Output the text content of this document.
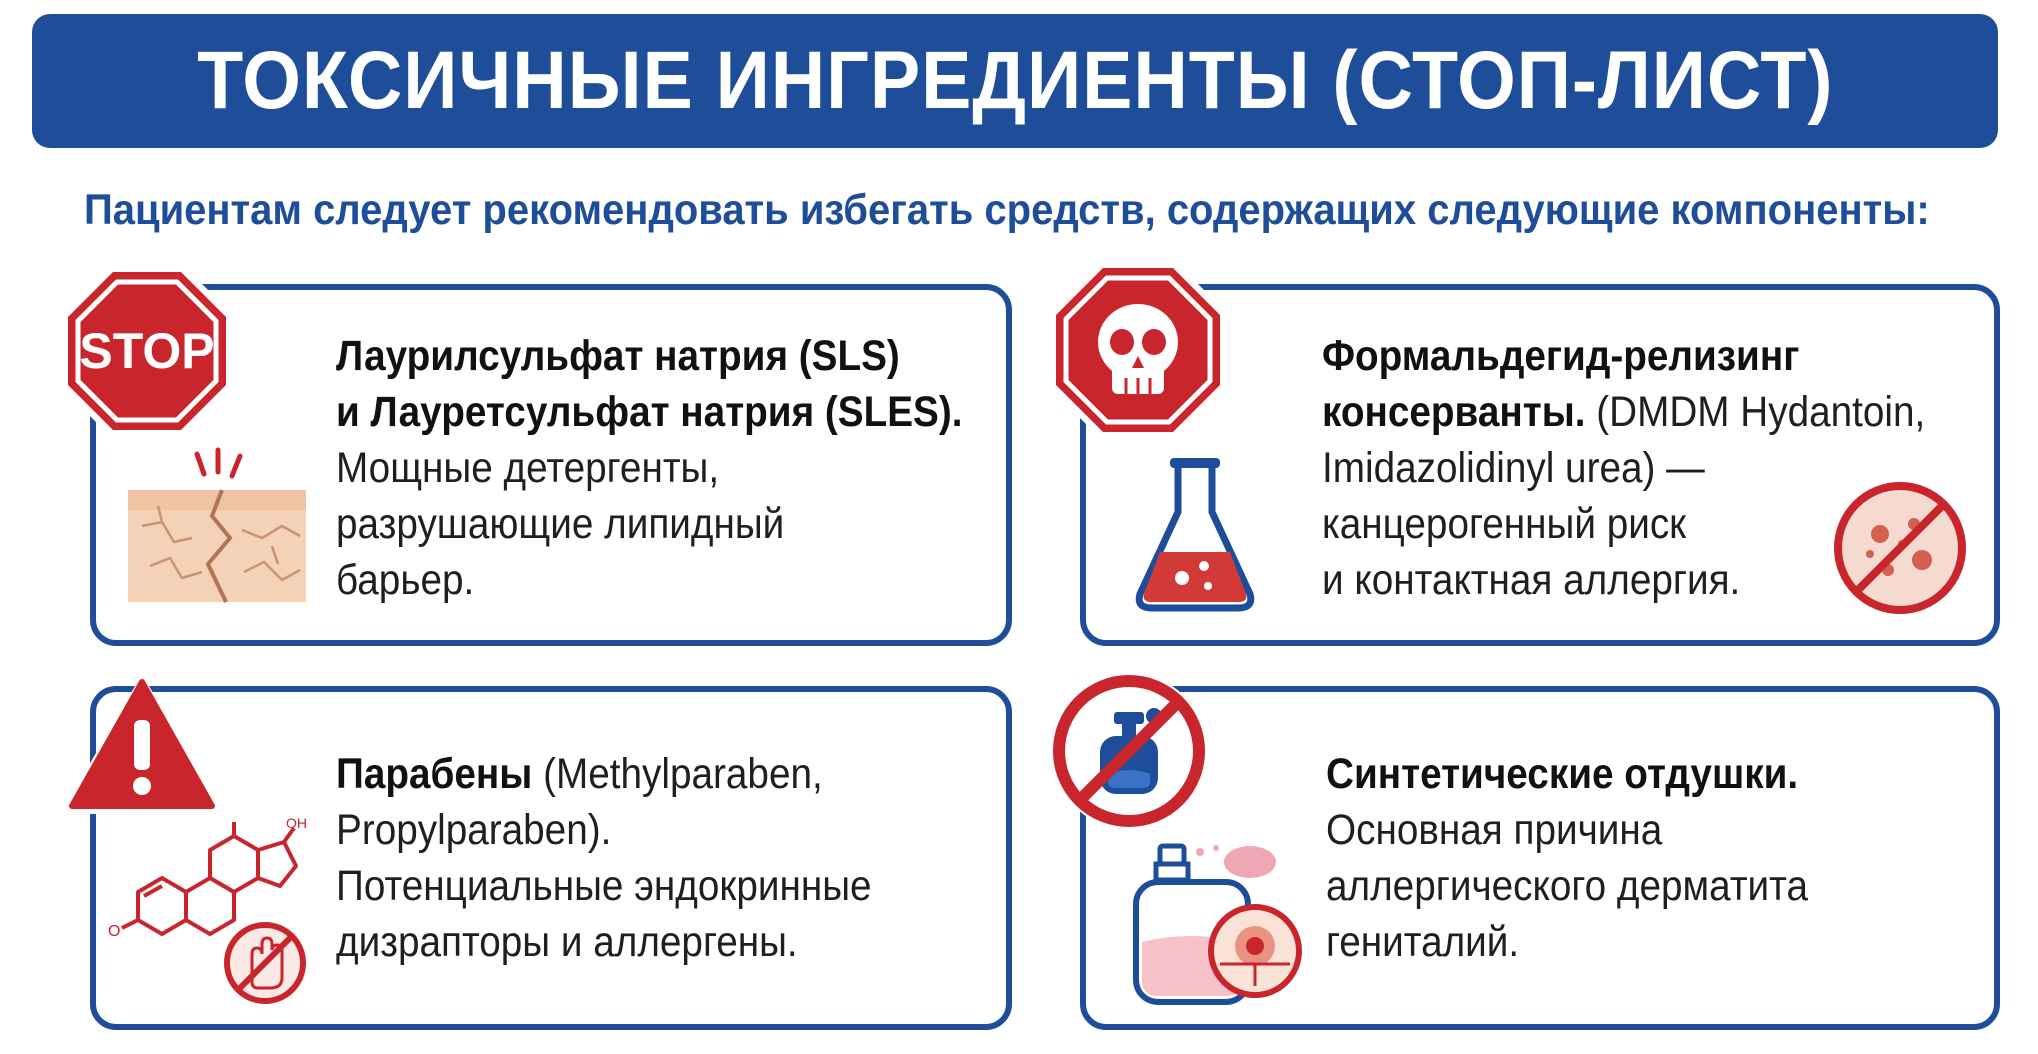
ТОКСИЧНЫЕ ИНГРЕДИЕНТЫ (СТОП-ЛИСТ)
Пациентам следует рекомендовать избегать средств, содержащих следующие компоненты:
STOP	Лаурилсульфат натрия (SLS)
и Лауретсульфат натрия (SLES).
Мощные детергенты,
разрушающие липидный
барьер.
Формальдегид-релизинг
консерванты. (DMDM Hydantoin,
Imidazolidinyl urea) —
канцерогенный риск
и контактная аллергия.
OH
O
Парабены (Methylparaben,
Propylparaben).
Потенциальные эндокринные
дизрапторы и аллергены.
Синтетические отдушки.
Основная причина
аллергического дерматита
гениталий.
